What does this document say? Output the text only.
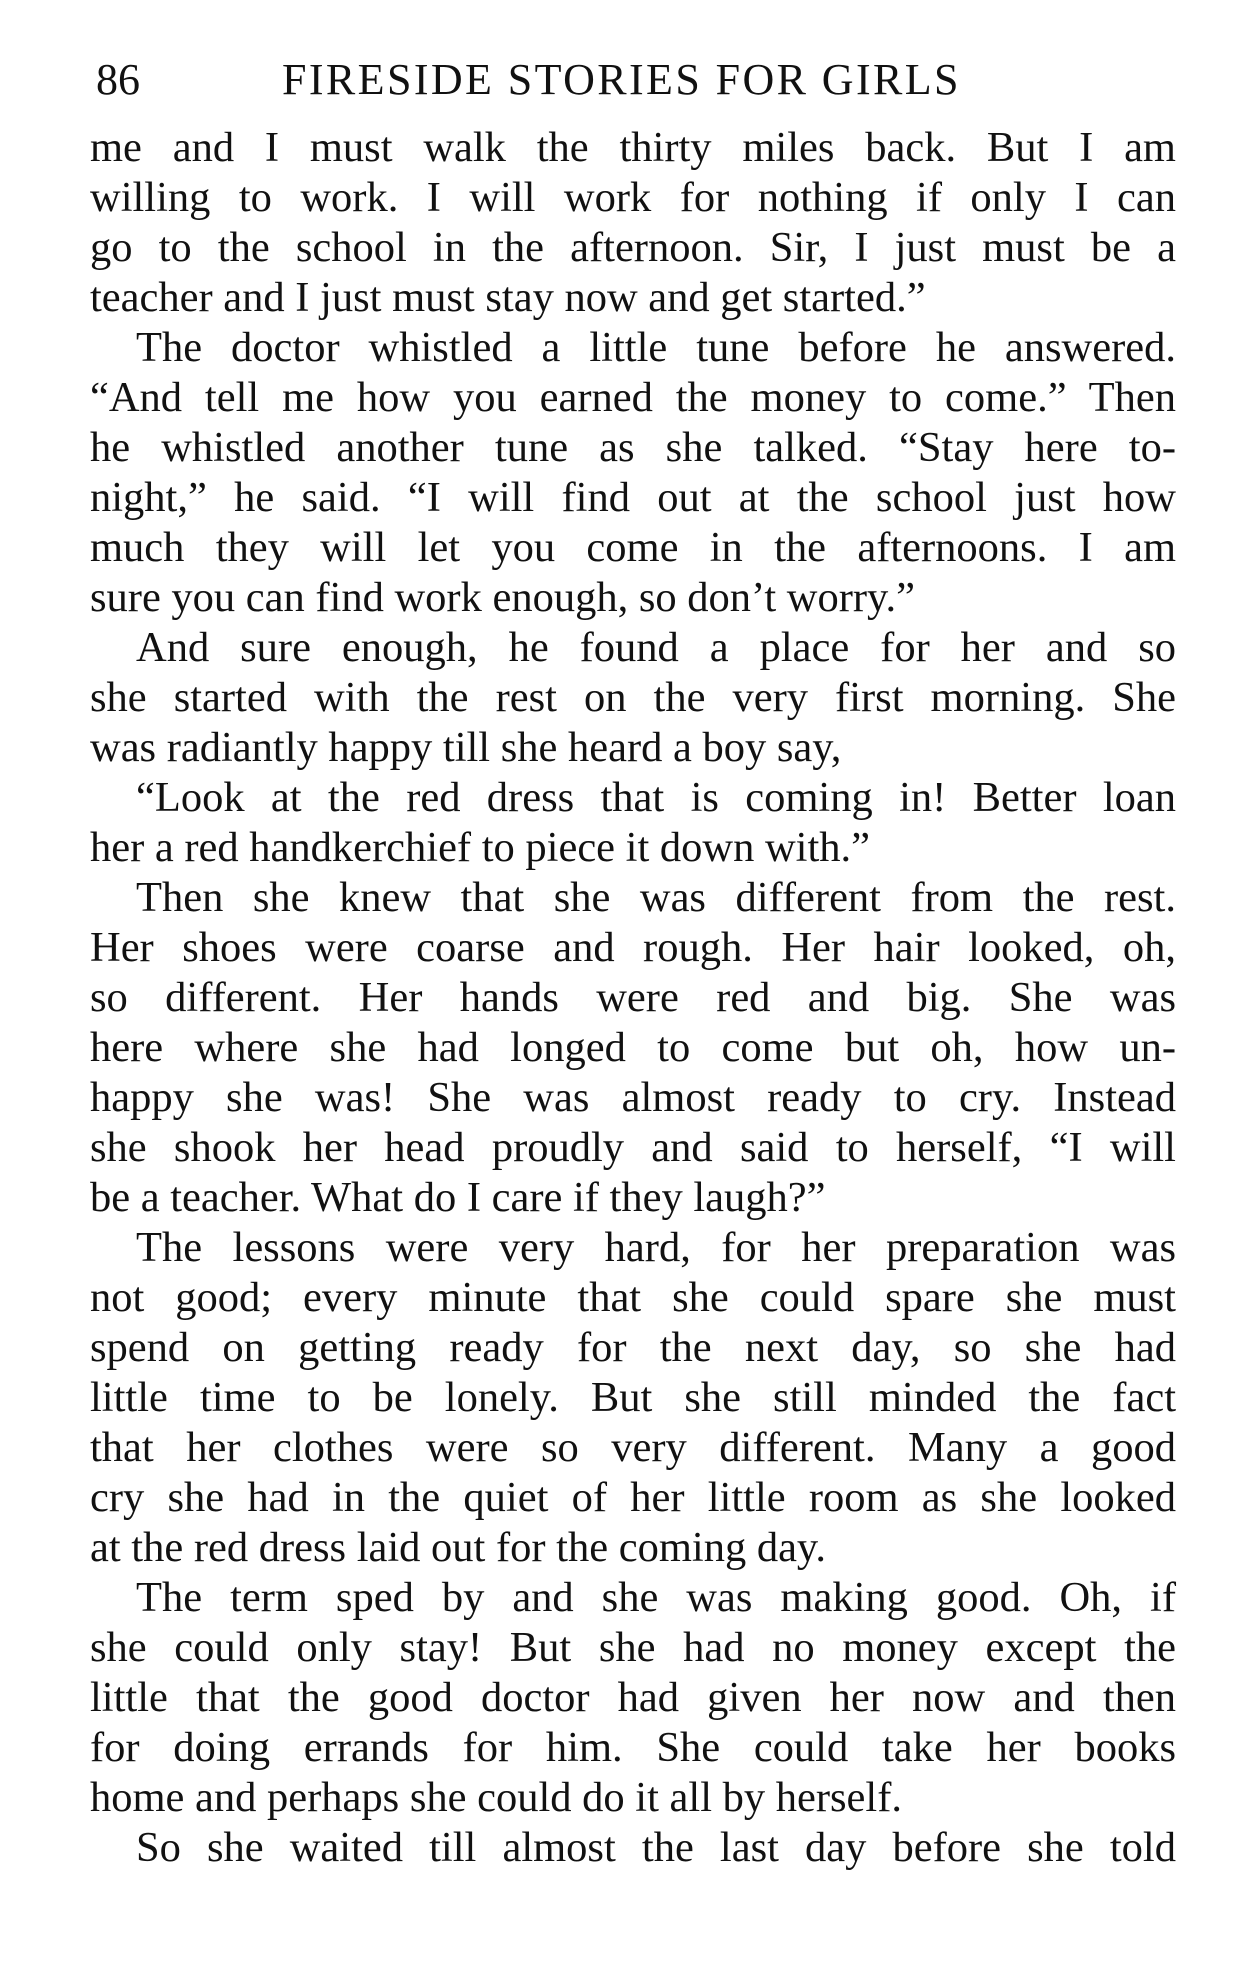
86	FIRESIDE STORIES FOR GIRLS
me and I must walk the thirty miles back. But I am
willing to work. I will work for nothing if only I can
go to the school in the afternoon. Sir, I just must be a
teacher and I just must stay now and get started.”
The doctor whistled a little tune before he answered.
“And tell me how you earned the money to come.” Then
he whistled another tune as she talked. “Stay here to-
night,” he said. “I will find out at the school just how
much they will let you come in the afternoons. I am
sure you can find work enough, so don’t worry.”
And sure enough, he found a place for her and so
she started with the rest on the very first morning. She
was radiantly happy till she heard a boy say,
“Look at the red dress that is coming in! Better loan
her a red handkerchief to piece it down with.”
Then she knew that she was different from the rest.
Her shoes were coarse and rough. Her hair looked, oh,
so different. Her hands were red and big. She was
here where she had longed to come but oh, how un-
happy she was! She was almost ready to cry. Instead
she shook her head proudly and said to herself, “I will
be a teacher. What do I care if they laugh?”
The lessons were very hard, for her preparation was
not good; every minute that she could spare she must
spend on getting ready for the next day, so she had
little time to be lonely. But she still minded the fact
that her clothes were so very different. Many a good
cry she had in the quiet of her little room as she looked
at the red dress laid out for the coming day.
The term sped by and she was making good. Oh, if
she could only stay! But she had no money except the
little that the good doctor had given her now and then
for doing errands for him. She could take her books
home and perhaps she could do it all by herself.
So she waited till almost the last day before she told
